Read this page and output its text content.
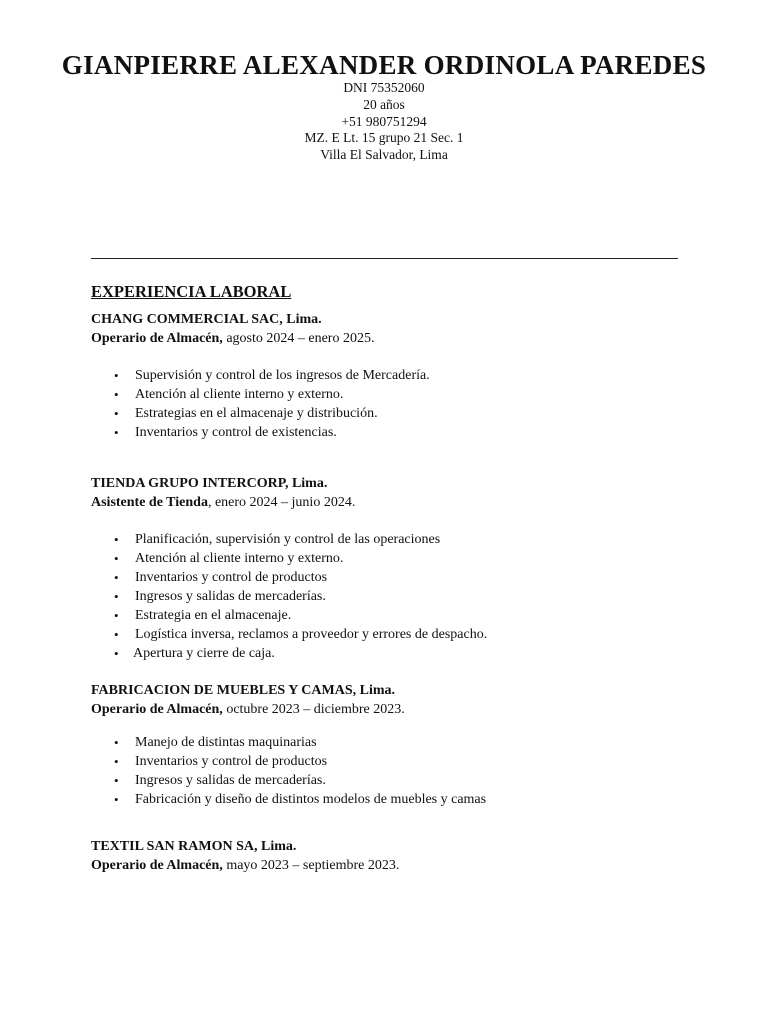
GIANPIERRE ALEXANDER ORDINOLA PAREDES
DNI 75352060
20 años
+51 980751294
MZ. E Lt. 15 grupo 21 Sec. 1
Villa El Salvador, Lima
EXPERIENCIA LABORAL
CHANG COMMERCIAL SAC, Lima.
Operario de Almacén, agosto 2024 – enero 2025.
• Supervisión y control de los ingresos de Mercadería.
• Atención al cliente interno y externo.
• Estrategias en el almacenaje y distribución.
• Inventarios y control de existencias.
TIENDA GRUPO INTERCORP, Lima.
Asistente de Tienda, enero 2024 – junio 2024.
• Planificación, supervisión y control de las operaciones
• Atención al cliente interno y externo.
• Inventarios y control de productos
• Ingresos y salidas de mercaderías.
• Estrategia en el almacenaje.
• Logística inversa, reclamos a proveedor y errores de despacho.
• Apertura y cierre de caja.
FABRICACION DE MUEBLES Y CAMAS, Lima.
Operario de Almacén, octubre 2023 – diciembre 2023.
• Manejo de distintas maquinarias
• Inventarios y control de productos
• Ingresos y salidas de mercaderías.
• Fabricación y diseño de distintos modelos de muebles y camas
TEXTIL SAN RAMON SA, Lima.
Operario de Almacén, mayo 2023 – septiembre 2023.
